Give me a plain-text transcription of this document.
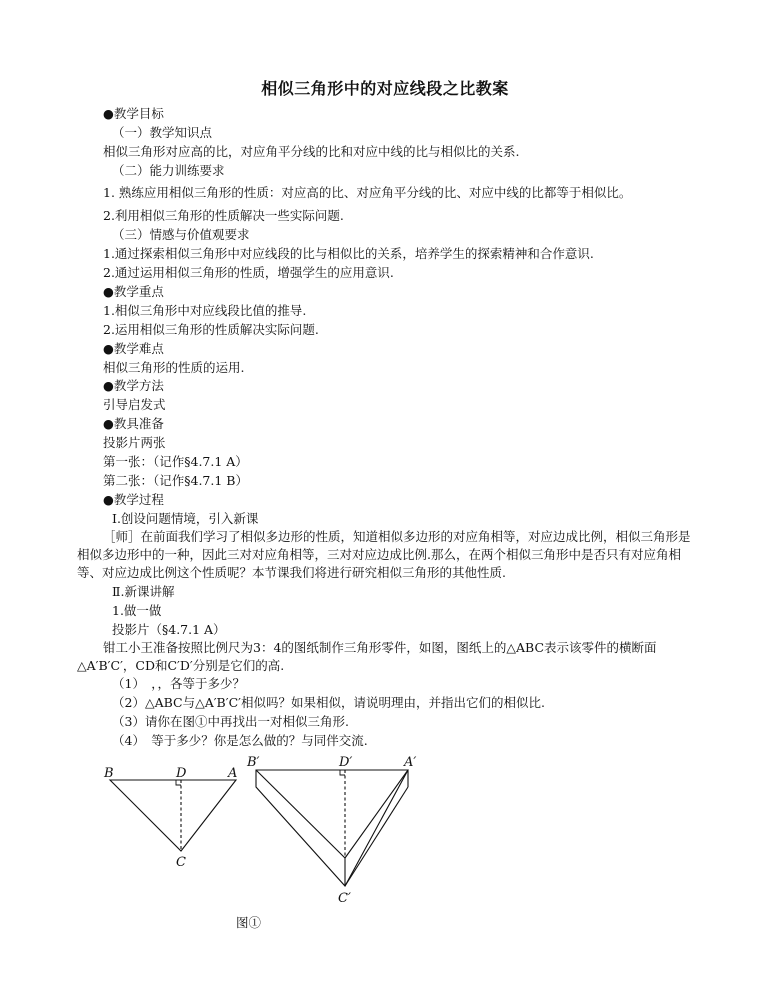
相似三角形中的对应线段之比教案
●教学目标
（一）教学知识点
相似三角形对应高的比，对应角平分线的比和对应中线的比与相似比的关系.
（二）能力训练要求
1. 熟练应用相似三角形的性质：对应高的比、对应角平分线的比、对应中线的比都等于相似比。
2.利用相似三角形的性质解决一些实际问题.
（三）情感与价值观要求
1.通过探索相似三角形中对应线段的比与相似比的关系，培养学生的探索精神和合作意识.
2.通过运用相似三角形的性质，增强学生的应用意识.
●教学重点
1.相似三角形中对应线段比值的推导.
2.运用相似三角形的性质解决实际问题.
●教学难点
相似三角形的性质的运用.
●教学方法
引导启发式
●教具准备
投影片两张
第一张：（记作§4.7.1 A）
第二张：（记作§4.7.1 B）
●教学过程
Ⅰ.创设问题情境，引入新课
［师］在前面我们学习了相似多边形的性质，知道相似多边形的对应角相等，对应边成比例，相似三角形是相似多边形中的一种，因此三对对应角相等，三对对应边成比例.那么，在两个相似三角形中是否只有对应角相等、对应边成比例这个性质呢？本节课我们将进行研究相似三角形的其他性质.
Ⅱ.新课讲解
1.做一做
投影片（§4.7.1 A）
钳工小王准备按照比例尺为3：4的图纸制作三角形零件，如图，图纸上的△ABC表示该零件的横断面△A′B′C′，CD和C′D′分别是它们的高.
（1）　，，各等于多少？
（2）△ABC与△A′B′C′相似吗？如果相似，请说明理由，并指出它们的相似比.
（3）请你在图①中再找出一对相似三角形.
（4）　等于多少？你是怎么做的？与同伴交流.
B	D	A
C
B′	D′	A′
C′
图①
